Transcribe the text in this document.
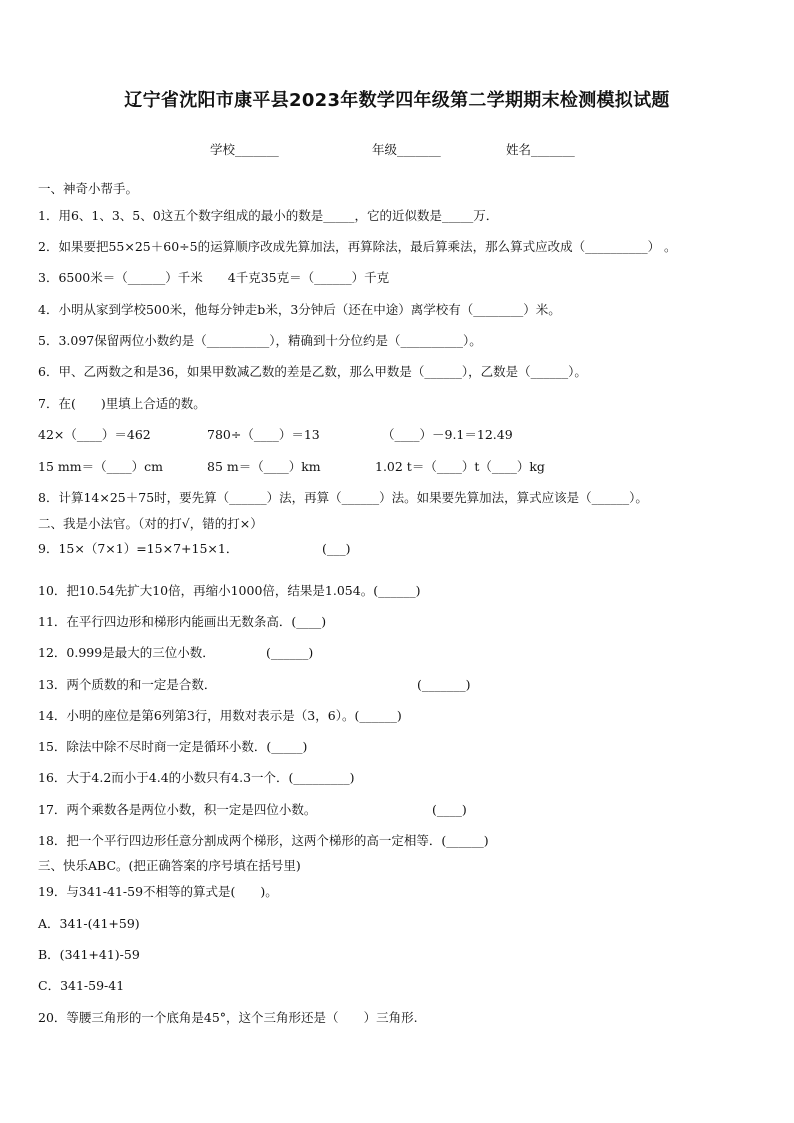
辽宁省沈阳市康平县2023年数学四年级第二学期期末检测模拟试题
学校_______	年级_______	姓名_______
一、神奇小帮手。
1．用6、1、3、5、0这五个数字组成的最小的数是_____，它的近似数是_____万．
2．如果要把55×25＋60÷5的运算顺序改成先算加法，再算除法，最后算乘法，那么算式应改成（__________） 。
3．6500米＝（______）千米　　4千克35克＝（______）千克
4．小明从家到学校500米，他每分钟走b米，3分钟后（还在中途）离学校有（________）米。
5．3.097保留两位小数约是（__________），精确到十分位约是（__________）。
6．甲、乙两数之和是36，如果甲数减乙数的差是乙数，那么甲数是（______），乙数是（______）。
7．在(　　)里填上合适的数。
42×（____）＝462	780÷（____）＝13	（____）－9.1＝12.49
15 mm＝（____）cm	85 m＝（____）km	1.02 t＝（____）t（____）kg
8．计算14×25＋75时，要先算（______）法，再算（______）法。如果要先算加法，算式应该是（______）。
二、我是小法官。（对的打√，错的打×）
9．15×（7×1）=15×7+15×1．	(___)
10．把10.54先扩大10倍，再缩小1000倍，结果是1.054。(______)
11．在平行四边形和梯形内能画出无数条高．(____)
12．0.999是最大的三位小数．	(______)
13．两个质数的和一定是合数．	(_______)
14．小明的座位是第6列第3行，用数对表示是（3，6）。(______)
15．除法中除不尽时商一定是循环小数．(_____)
16．大于4.2而小于4.4的小数只有4.3一个．(_________)
17．两个乘数各是两位小数，积一定是四位小数。	(____)
18．把一个平行四边形任意分割成两个梯形，这两个梯形的高一定相等．(______)
三、快乐ABC。(把正确答案的序号填在括号里)
19．与341-41-59不相等的算式是(　　)。
A．341-(41+59)
B．(341+41)-59
C．341-59-41
20．等腰三角形的一个底角是45°，这个三角形还是（　　）三角形.
